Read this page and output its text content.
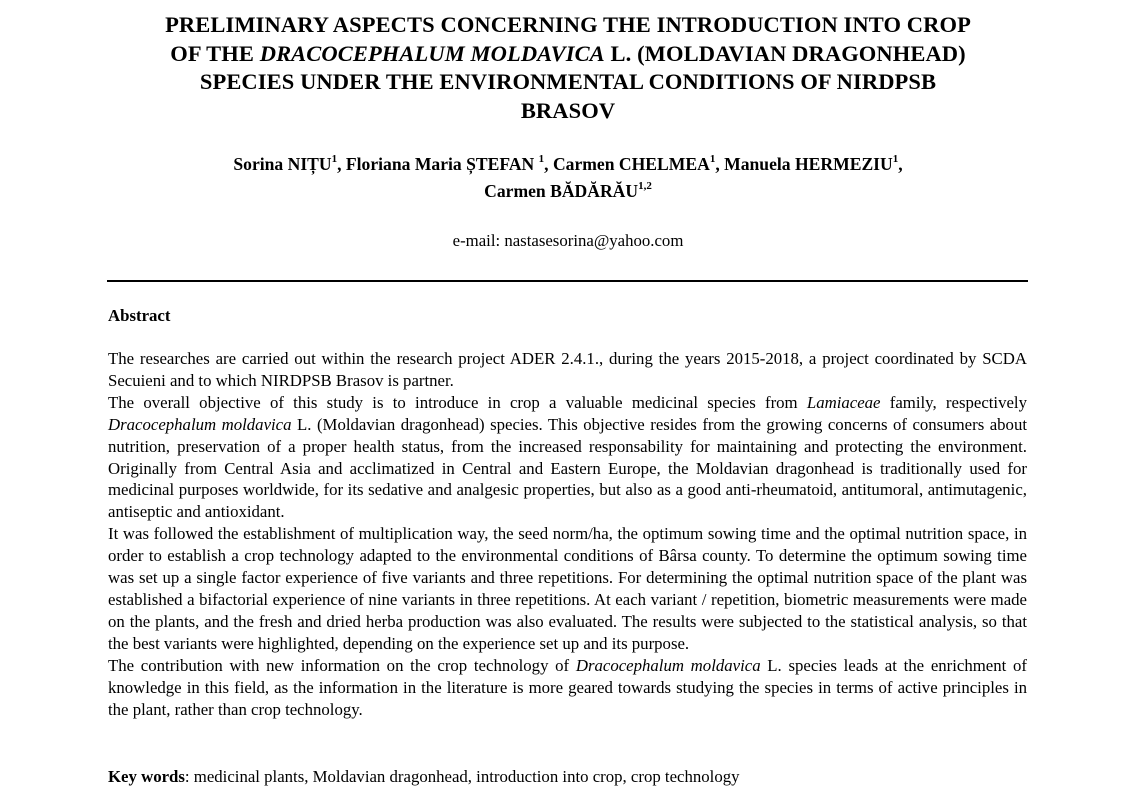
PRELIMINARY ASPECTS CONCERNING THE INTRODUCTION INTO CROP
OF THE DRACOCEPHALUM MOLDAVICA L. (MOLDAVIAN DRAGONHEAD)
SPECIES UNDER THE ENVIRONMENTAL CONDITIONS OF NIRDPSB
BRASOV
Sorina NIȚU$^1$, Floriana Maria ȘTEFAN $^1$, Carmen CHELMEA$^1$, Manuela HERMEZIU$^1$,
Carmen BĂDĂRĂU$^{1,2}$
e-mail: nastasesorina@yahoo.com
Abstract

The researches are carried out within the research project ADER 2.4.1., during the years 2015-2018, a project coordinated by SCDA Secuieni and to which NIRDPSB Brasov is partner.

The overall objective of this study is to introduce in crop a valuable medicinal species from Lamiaceae family, respectively Dracocephalum moldavica L. (Moldavian dragonhead) species. This objective resides from the growing concerns of consumers about nutrition, preservation of a proper health status, from the increased responsability for maintaining and protecting the environment. Originally from Central Asia and acclimatized in Central and Eastern Europe, the Moldavian dragonhead is traditionally used for medicinal purposes worldwide, for its sedative and analgesic properties, but also as a good anti-rheumatoid, antitumoral, antimutagenic, antiseptic and antioxidant.

It was followed the establishment of multiplication way, the seed norm/ha, the optimum sowing time and the optimal nutrition space, in order to establish a crop technology adapted to the environmental conditions of Bârsa county. To determine the optimum sowing time was set up a single factor experience of five variants and three repetitions. For determining the optimal nutrition space of the plant was established a bifactorial experience of nine variants in three repetitions. At each variant / repetition, biometric measurements were made on the plants, and the fresh and dried herba production was also evaluated. The results were subjected to the statistical analysis, so that the best variants were highlighted, depending on the experience set up and its purpose.

The contribution with new information on the crop technology of Dracocephalum moldavica L. species leads at the enrichment of knowledge in this field, as the information in the literature is more geared towards studying the species in terms of active principles in the plant, rather than crop technology.

Key words: medicinal plants, Moldavian dragonhead, introduction into crop, crop technology
